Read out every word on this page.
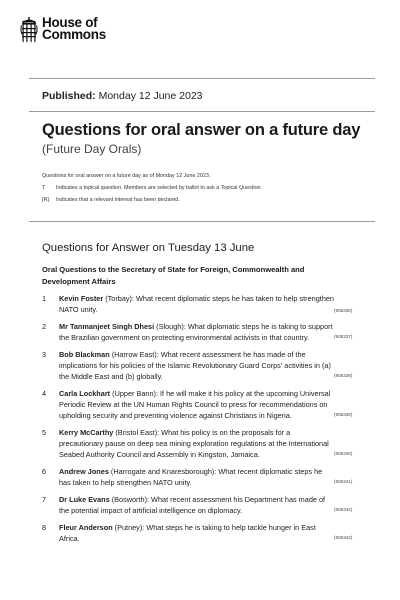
House of
Commons
Published: Monday 12 June 2023
Questions for oral answer on a future day
(Future Day Orals)
Questions for oral answer on a future day as of Monday 12 June 2023.
T Indicates a topical question. Members are selected by ballot to ask a Topical Question.
[R] Indicates that a relevant interest has been declared.
Questions for Answer on Tuesday 13 June
Oral Questions to the Secretary of State for Foreign, Commonwealth and Development Affairs
1 Kevin Foster (Torbay): What recent diplomatic steps he has taken to help strengthen NATO unity.	(905336)
2 Mr Tanmanjeet Singh Dhesi (Slough): What diplomatic steps he is taking to support the Brazilian government on protecting environmental activists in that country.	(905337)
3 Bob Blackman (Harrow East): What recent assessment he has made of the implications for his policies of the Islamic Revolutionary Guard Corps' activities in (a) the Middle East and (b) globally.	(905338)
4 Carla Lockhart (Upper Bann): If he will make it his policy at the upcoming Universal Periodic Review at the UN Human Rights Council to press for recommendations on upholding security and preventing violence against Christians in Nigeria.	(905339)
5 Kerry McCarthy (Bristol East): What his policy is on the proposals for a precautionary pause on deep sea mining exploration regulations at the International Seabed Authority Council and Assembly in Kingston, Jamaica.	(905340)
6 Andrew Jones (Harrogate and Knaresborough): What recent diplomatic steps he has taken to help strengthen NATO unity.	(905341)
7 Dr Luke Evans (Bosworth): What recent assessment his Department has made of the potential impact of artificial intelligence on diplomacy.	(905342)
8 Fleur Anderson (Putney): What steps he is taking to help tackle hunger in East Africa.	(905343)
